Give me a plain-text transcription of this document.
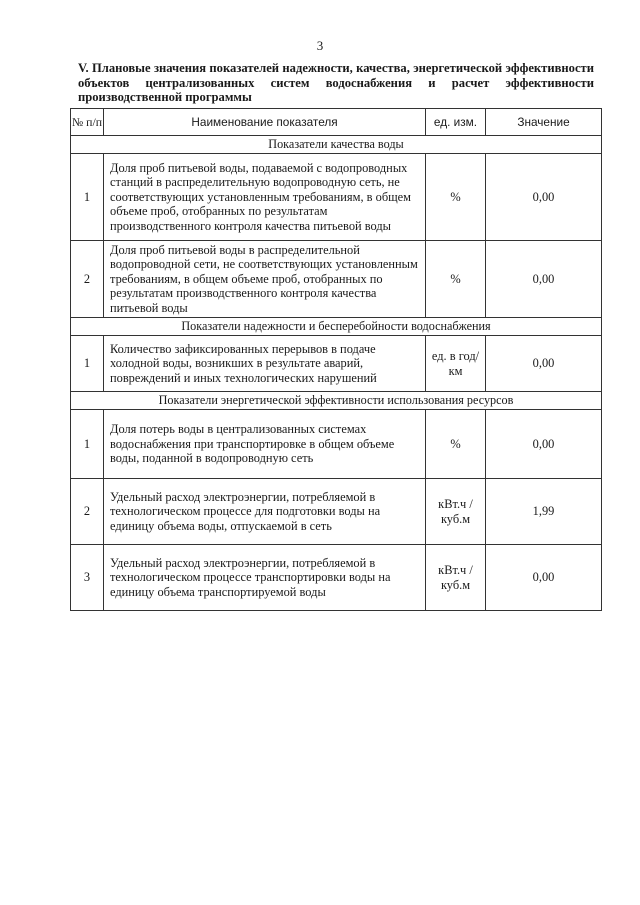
3
V. Плановые значения показателей надежности, качества, энергетической эффективности объектов централизованных систем водоснабжения и расчет эффективности производственной программы
№ п/п	Наименование показателя	ед. изм.	Значение
Показатели качества воды			
1	Доля проб питьевой воды, подаваемой с водопроводных станций в распределительную водопроводную сеть, не соответствующих установленным требованиям, в общем объеме проб, отобранных по результатам производственного контроля качества питьевой воды	%	0,00
2	Доля проб питьевой воды в распределительной водопроводной сети, не соответствующих установленным требованиям, в общем объеме проб, отобранных по результатам производственного контроля качества питьевой воды	%	0,00
Показатели надежности и бесперебойности водоснабжения			
1	Количество зафиксированных перерывов в подаче холодной воды, возникших в результате аварий, повреждений и иных технологических нарушений	ед. в год/ км	0,00
Показатели энергетической эффективности использования ресурсов			
1	Доля потерь воды в централизованных системах водоснабжения при транспортировке в общем объеме воды, поданной в водопроводную сеть	%	0,00
2	Удельный расход электроэнергии, потребляемой в технологическом процессе для подготовки воды на единицу объема воды, отпускаемой в сеть	кВт.ч / куб.м	1,99
3	Удельный расход электроэнергии, потребляемой в технологическом процессе транспортировки воды на единицу объема транспортируемой воды	кВт.ч / куб.м	0,00
